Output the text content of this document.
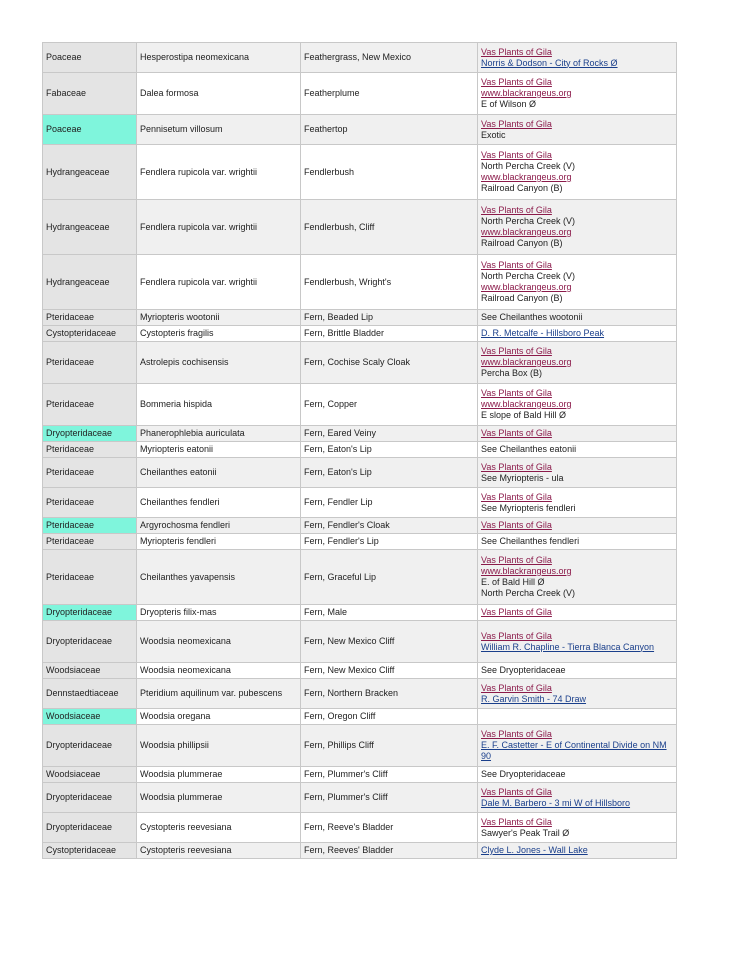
Poaceae	Hesperostipa neomexicana	Feathergrass, New Mexico	Vas Plants of Gila
Norris & Dodson - City of Rocks Ø

Fabaceae	Dalea formosa	Featherplume	Vas Plants of Gila
www.blackrangeus.org
E of Wilson Ø

Poaceae	Pennisetum villosum	Feathertop	Vas Plants of Gila
Exotic

Hydrangeaceae	Fendlera rupicola var. wrightii	Fendlerbush	Vas Plants of Gila
North Percha Creek (V)
www.blackrangeus.org
Railroad Canyon (B)

Hydrangeaceae	Fendlera rupicola var. wrightii	Fendlerbush, Cliff	Vas Plants of Gila
North Percha Creek (V)
www.blackrangeus.org
Railroad Canyon (B)

Hydrangeaceae	Fendlera rupicola var. wrightii	Fendlerbush, Wright's	Vas Plants of Gila
North Percha Creek (V)
www.blackrangeus.org
Railroad Canyon (B)

Pteridaceae	Myriopteris wootonii	Fern, Beaded Lip	See Cheilanthes wootonii

Cystopteridaceae	Cystopteris fragilis	Fern, Brittle Bladder	D. R. Metcalfe - Hillsboro Peak

Pteridaceae	Astrolepis cochisensis	Fern, Cochise Scaly Cloak	Vas Plants of Gila
www.blackrangeus.org
Percha Box (B)

Pteridaceae	Bommeria hispida	Fern, Copper	Vas Plants of Gila
www.blackrangeus.org
E slope of Bald Hill Ø

Dryopteridaceae	Phanerophlebia auriculata	Fern, Eared Veiny	Vas Plants of Gila

Pteridaceae	Myriopteris eatonii	Fern, Eaton's Lip	See Cheilanthes eatonii

Pteridaceae	Cheilanthes eatonii	Fern, Eaton's Lip	Vas Plants of Gila
See Myriopteris - ula

Pteridaceae	Cheilanthes fendleri	Fern, Fendler Lip	Vas Plants of Gila
See Myriopteris fendleri

Pteridaceae	Argyrochosma fendleri	Fern, Fendler's Cloak	Vas Plants of Gila

Pteridaceae	Myriopteris fendleri	Fern, Fendler's Lip	See Cheilanthes fendleri

Pteridaceae	Cheilanthes yavapensis	Fern, Graceful Lip	Vas Plants of Gila
www.blackrangeus.org
E. of Bald Hill Ø
North Percha Creek (V)

Dryopteridaceae	Dryopteris filix-mas	Fern, Male	Vas Plants of Gila

Dryopteridaceae	Woodsia neomexicana	Fern, New Mexico Cliff	Vas Plants of Gila
William R. Chapline - Tierra Blanca Canyon

Woodsiaceae	Woodsia neomexicana	Fern, New Mexico Cliff	See Dryopteridaceae

Dennstaedtiaceae	Pteridium aquilinum var. pubescens	Fern, Northern Bracken	Vas Plants of Gila
R. Garvin Smith - 74 Draw

Woodsiaceae	Woodsia oregana	Fern, Oregon Cliff	
Dryopteridaceae	Woodsia phillipsii	Fern, Phillips Cliff	Vas Plants of Gila
E. F. Castetter - E of Continental Divide on NM 90

Woodsiaceae	Woodsia plummerae	Fern, Plummer's Cliff	See Dryopteridaceae

Dryopteridaceae	Woodsia plummerae	Fern, Plummer's Cliff	Vas Plants of Gila
Dale M. Barbero - 3 mi W of Hillsboro

Dryopteridaceae	Cystopteris reevesiana	Fern, Reeve's Bladder	Vas Plants of Gila
Sawyer's Peak Trail Ø

Cystopteridaceae	Cystopteris reevesiana	Fern, Reeves' Bladder	Clyde L. Jones - Wall Lake
